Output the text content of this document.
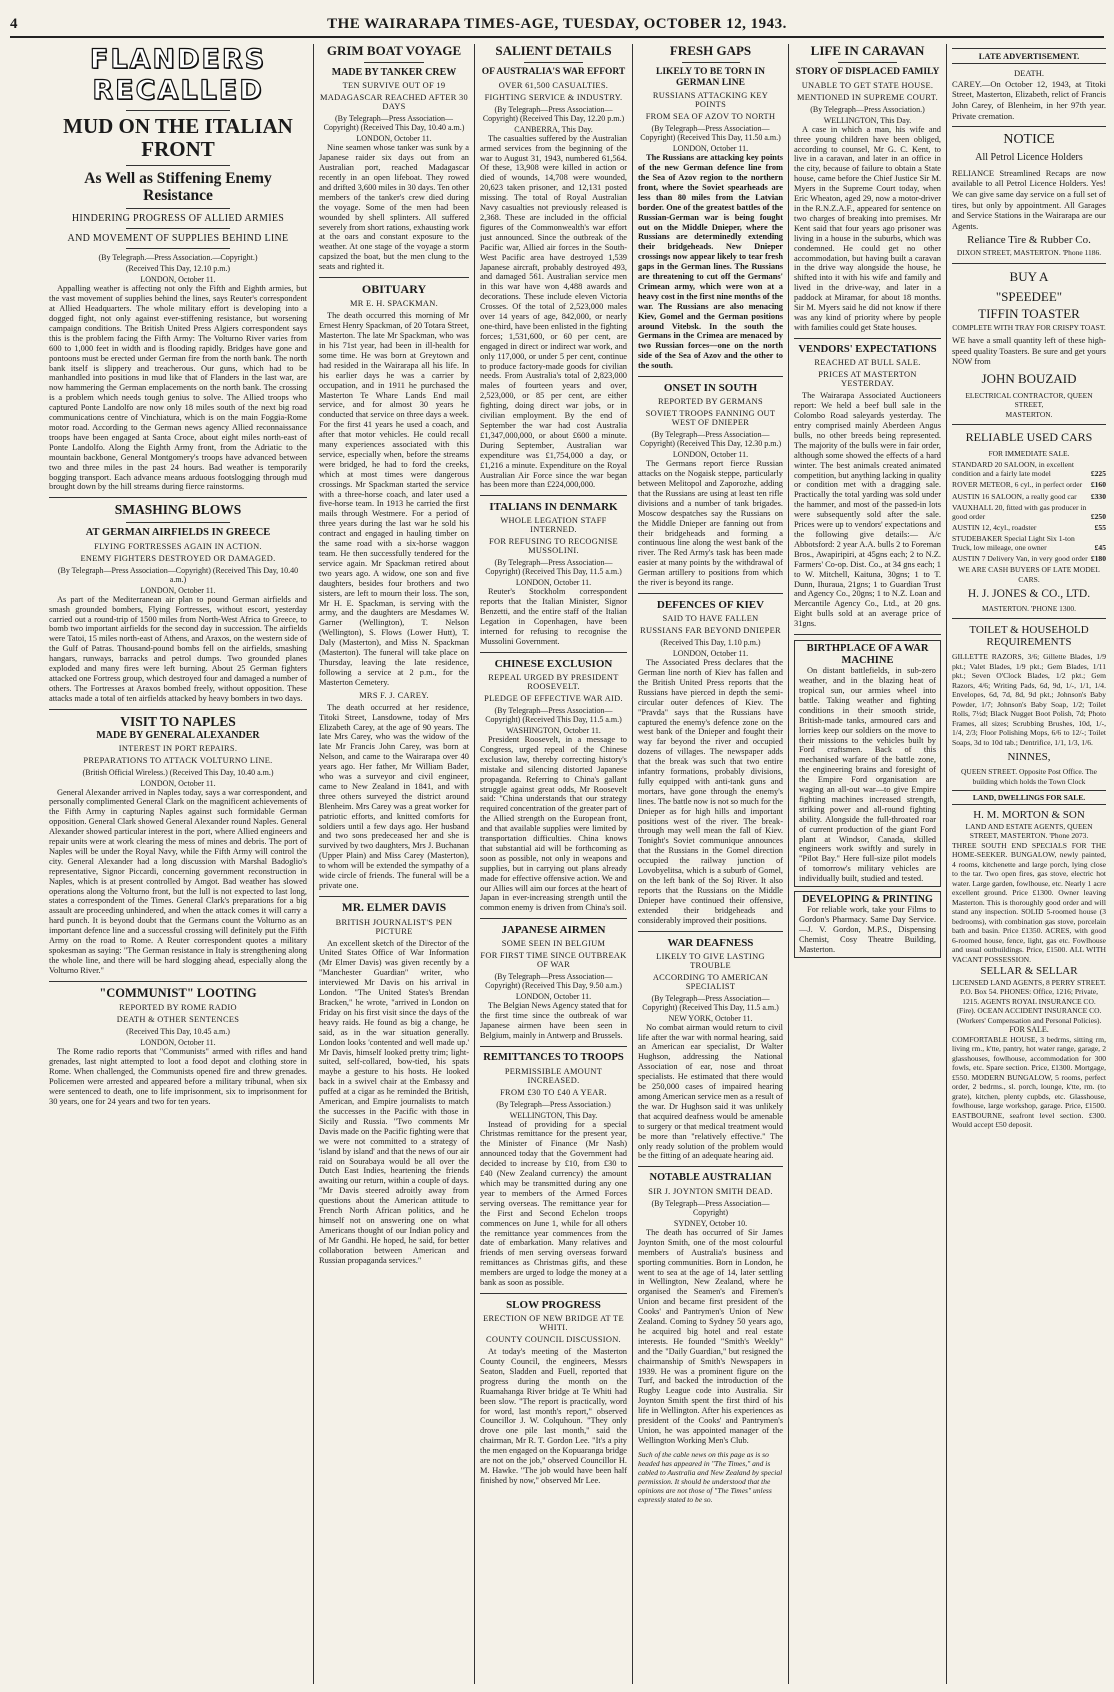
4	THE WAIRARAPA TIMES-AGE, TUESDAY, OCTOBER 12, 1943.
FLANDERS RECALLED
MUD ON THE ITALIAN FRONT
As Well as Stiffening Enemy Resistance
HINDERING PROGRESS OF ALLIED ARMIES
AND MOVEMENT OF SUPPLIES BEHIND LINE
(By Telegraph.—Press Association.—Copyright.)
(Received This Day, 12.10 p.m.)
LONDON, October 11.

Appalling weather is affecting not only the Fifth and Eighth armies, but the vast movement of supplies behind the lines, says Reuter's correspondent at Allied Headquarters. The whole military effort is developing into a dogged fight, not only against ever-stiffening resistance, but worsening campaign conditions. The British United Press Algiers correspondent says this is the problem facing the Fifth Army: The Volturno River varies from 600 to 1,000 feet in width and is flooding rapidly. Bridges have gone and pontoons must be erected under German fire from the north bank. The north bank itself is slippery and treacherous. Our guns, which had to be manhandled into positions in mud like that of Flanders in the last war, are now hammering the German emplacements on the north bank. The crossing is a problem which needs tough genius to solve. The Allied troops who captured Ponte Landolfo are now only 18 miles south of the next big road communications centre of Vinchiatura, which is on the main Foggia-Rome motor road. According to the German news agency Allied reconnaissance troops have been engaged at Santa Croce, about eight miles north-east of Ponte Landolfo. Along the Eighth Army front, from the Adriatic to the mountain backbone, General Montgomery's troops have advanced between two and three miles in the past 24 hours. Bad weather is temporarily bogging transport. Each advance means arduous footslogging through mud brought down by the hill streams during fierce rainstorms.

SMASHING BLOWS
AT GERMAN AIRFIELDS IN GREECE
FLYING FORTRESSES AGAIN IN ACTION.
ENEMY FIGHTERS DESTROYED OR DAMAGED.
(By Telegraph—Press Association—Copyright) (Received This Day, 10.40 a.m.)
LONDON, October 11.

As part of the Mediterranean air plan to pound German airfields and smash grounded bombers, Flying Fortresses, without escort, yesterday carried out a round-trip of 1500 miles from North-West Africa to Greece, to bomb two important airfields for the second day in succession. The airfields were Tatoi, 15 miles north-east of Athens, and Araxos, on the western side of the Gulf of Patras. Thousand-pound bombs fell on the airfields, smashing hangars, runways, barracks and petrol dumps. Two grounded planes exploded and many fires were left burning. About 25 German fighters attacked one Fortress group, which destroyed four and damaged a number of others. The Fortresses at Araxos bombed freely, without opposition. These attacks made a total of ten airfields attacked by heavy bombers in two days.

VISIT TO NAPLES
MADE BY GENERAL ALEXANDER
INTEREST IN PORT REPAIRS.
PREPARATIONS TO ATTACK VOLTURNO LINE.
(British Official Wireless.) (Received This Day, 10.40 a.m.)
LONDON, October 11.

General Alexander arrived in Naples today, says a war correspondent, and personally complimented General Clark on the magnificent achievements of the Fifth Army in capturing Naples against such formidable German opposition. General Clark showed General Alexander round Naples. General Alexander showed particular interest in the port, where Allied engineers and repair units were at work clearing the mess of mines and debris. The port of Naples will be under the Royal Navy, while the Fifth Army will control the city. General Alexander had a long discussion with Marshal Badoglio's representative, Signor Piccardi, concerning government reconstruction in Naples, which is at present controlled by Amgot. Bad weather has slowed operations along the Volturno front, but the lull is not expected to last long, states a correspondent of the Times. General Clark's preparations for a big assault are proceeding unhindered, and when the attack comes it will carry a hard punch. It is beyond doubt that the Germans count the Volturno as an important defence line and a successful crossing will definitely put the Fifth Army on the road to Rome. A Reuter correspondent quotes a military spokesman as saying: "The German resistance in Italy is strengthening along the whole line, and there will be hard slogging ahead, especially along the Volturno River."

"COMMUNIST" LOOTING
REPORTED BY ROME RADIO
DEATH & OTHER SENTENCES
(Received This Day, 10.45 a.m.)
LONDON, October 11.

The Rome radio reports that "Communists" armed with rifles and hand grenades, last night attempted to loot a food depot and clothing store in Rome. When challenged, the Communists opened fire and threw grenades. Policemen were arrested and appeared before a military tribunal, when six were sentenced to death, one to life imprisonment, six to imprisonment for 30 years, one for 24 years and two for ten years.

GRIM BOAT VOYAGE
MADE BY TANKER CREW
TEN SURVIVE OUT OF 19
MADAGASCAR REACHED AFTER 30 DAYS
(By Telegraph—Press Association—Copyright) (Received This Day, 10.40 a.m.)
LONDON, October 11.

Nine seamen whose tanker was sunk by a Japanese raider six days out from an Australian port, reached Madagascar recently in an open lifeboat. They rowed and drifted 3,600 miles in 30 days. Ten other members of the tanker's crew died during the voyage. Some of the men had been wounded by shell splinters. All suffered severely from short rations, exhausting work at the oars and constant exposure to the weather. At one stage of the voyage a storm capsized the boat, but the men clung to the seats and righted it.

OBITUARY
MR E. H. SPACKMAN.

The death occurred this morning of Mr Ernest Henry Spackman, of 20 Totara Street, Masterton. The late Mr Spackman, who was in his 71st year, had been in ill-health for some time. He was born at Greytown and had resided in the Wairarapa all his life. In his earlier days he was a carrier by occupation, and in 1911 he purchased the Masterton Te Whare Lands End mail service, and for almost 30 years he conducted that service on three days a week. For the first 41 years he used a coach, and after that motor vehicles. He could recall many experiences associated with this service, especially when, before the streams were bridged, he had to ford the creeks, which at most times were dangerous crossings. Mr Spackman started the service with a three-horse coach, and later used a five-horse team. In 1913 he carried the first mails through Westmere. For a period of three years during the last war he sold his contract and engaged in hauling timber on the same road with a six-horse waggon team. He then successfully tendered for the service again. Mr Spackman retired about two years ago. A widow, one son and five daughters, besides four brothers and two sisters, are left to mourn their loss. The son, Mr H. E. Spackman, is serving with the army, and the daughters are Mesdames W. Garner (Wellington), T. Nelson (Wellington), S. Flows (Lower Hutt), T. Daly (Masterton), and Miss N. Spackman (Masterton). The funeral will take place on Thursday, leaving the late residence, following a service at 2 p.m., for the Masterton Cemetery.

MRS F. J. CAREY.

The death occurred at her residence, Titoki Street, Lansdowne, today of Mrs Elizabeth Carey, at the age of 90 years. The late Mrs Carey, who was the widow of the late Mr Francis John Carey, was born at Nelson, and came to the Wairarapa over 40 years ago. Her father, Mr William Bader, who was a surveyor and civil engineer, came to New Zealand in 1841, and with three others surveyed the district around Blenheim. Mrs Carey was a great worker for patriotic efforts, and knitted comforts for soldiers until a few days ago. Her husband and two sons predeceased her and she is survived by two daughters, Mrs J. Buchanan (Upper Plain) and Miss Carey (Masterton), to whom will be extended the sympathy of a wide circle of friends. The funeral will be a private one.

MR. ELMER DAVIS
BRITISH JOURNALIST'S PEN PICTURE

An excellent sketch of the Director of the United States Office of War Information (Mr Elmer Davis) was given recently by a "Manchester Guardian" writer, who interviewed Mr Davis on his arrival in London. "The United States's Brendan Bracken," he wrote, "arrived in London on Friday on his first visit since the days of the heavy raids. He found as big a change, he said, as in the war situation generally. London looks 'contented and well made up.' Mr Davis, himself looked pretty trim; light-suited, self-collared, bow-tied, his spats maybe a gesture to his hosts. He looked back in a swivel chair at the Embassy and puffed at a cigar as he reminded the British, American, and Empire journalists to match the successes in the Pacific with those in Sicily and Russia. "Two comments Mr Davis made on the Pacific fighting were that we were not committed to a strategy of 'island by island' and that the news of our air raid on Sourabaya would be all over the Dutch East Indies, heartening the friends awaiting our return, within a couple of days. "Mr Davis steered adroitly away from questions about the American attitude to French North African politics, and he himself not on answering one on what Americans thought of our Indian policy and of Mr Gandhi. He hoped, he said, for better collaboration between American and Russian propaganda services."

SALIENT DETAILS
OF AUSTRALIA'S WAR EFFORT
OVER 61,500 CASUALTIES.
FIGHTING SERVICE & INDUSTRY.
(By Telegraph—Press Association—Copyright) (Received This Day, 12.20 p.m.)
CANBERRA, This Day.

The casualties suffered by the Australian armed services from the beginning of the war to August 31, 1943, numbered 61,564. Of these, 13,908 were killed in action or died of wounds, 14,708 were wounded, 20,623 taken prisoner, and 12,131 posted missing. The total of Royal Australian Navy casualties not previously released is 2,368. These are included in the official figures of the Commonwealth's war effort just announced. Since the outbreak of the Pacific war, Allied air forces in the South-West Pacific area have destroyed 1,539 Japanese aircraft, probably destroyed 493, and damaged 561. Australian service men in this war have won 4,488 awards and decorations. These include eleven Victoria Crosses. Of the total of 2,523,000 males over 14 years of age, 842,000, or nearly one-third, have been enlisted in the fighting forces; 1,531,600, or 60 per cent, are engaged in direct or indirect war work, and only 117,000, or under 5 per cent, continue to produce factory-made goods for civilian needs. From Australia's total of 2,823,000 males of fourteen years and over, 2,523,000, or 85 per cent, are either fighting, doing direct war jobs, or in civilian employment. By the end of September the war had cost Australia £1,347,000,000, or about £600 a minute. During September, Australian war expenditure was £1,754,000 a day, or £1,216 a minute. Expenditure on the Royal Australian Air Force since the war began has been more than £224,000,000.

ITALIANS IN DENMARK
WHOLE LEGATION STAFF INTERNED.
FOR REFUSING TO RECOGNISE MUSSOLINI.
(By Telegraph—Press Association—Copyright) (Received This Day, 11.5 a.m.)
LONDON, October 11.

Reuter's Stockholm correspondent reports that the Italian Minister, Signor Benzetti, and the entire staff of the Italian Legation in Copenhagen, have been interned for refusing to recognise the Mussolini Government.

CHINESE EXCLUSION
REPEAL URGED BY PRESIDENT ROOSEVELT.
PLEDGE OF EFFECTIVE WAR AID.
(By Telegraph—Press Association—Copyright) (Received This Day, 11.5 a.m.)
WASHINGTON, October 11.

President Roosevelt, in a message to Congress, urged repeal of the Chinese exclusion law, thereby correcting history's mistake and silencing distorted Japanese propaganda. Referring to China's gallant struggle against great odds, Mr Roosevelt said: "China understands that our strategy required concentration of the greater part of the Allied strength on the European front, and that available supplies were limited by transportation difficulties. China knows that substantial aid will be forthcoming as soon as possible, not only in weapons and supplies, but in carrying out plans already made for effective offensive action. We and our Allies will aim our forces at the heart of Japan in ever-increasing strength until the common enemy is driven from China's soil.

JAPANESE AIRMEN
SOME SEEN IN BELGIUM
FOR FIRST TIME SINCE OUTBREAK OF WAR
(By Telegraph—Press Association—Copyright) (Received This Day, 9.50 a.m.)
LONDON, October 11.

The Belgian News Agency stated that for the first time since the outbreak of war Japanese airmen have been seen in Belgium, mainly in Antwerp and Brussels.

REMITTANCES TO TROOPS
PERMISSIBLE AMOUNT INCREASED.
FROM £30 TO £40 A YEAR.
(By Telegraph—Press Association.)
WELLINGTON, This Day.

Instead of providing for a special Christmas remittance for the present year, the Minister of Finance (Mr Nash) announced today that the Government had decided to increase by £10, from £30 to £40 (New Zealand currency) the amount which may be transmitted during any one year to members of the Armed Forces serving overseas. The remittance year for the First and Second Echelon troops commences on June 1, while for all others the remittance year commences from the date of embarkation. Many relatives and friends of men serving overseas forward remittances as Christmas gifts, and these members are urged to lodge the money at a bank as soon as possible.

SLOW PROGRESS
ERECTION OF NEW BRIDGE AT TE WHITI.
COUNTY COUNCIL DISCUSSION.

At today's meeting of the Masterton County Council, the engineers, Messrs Seaton, Sladden and Fuell, reported that progress during the month on the Ruamahanga River bridge at Te Whiti had been slow. "The report is practically, word for word, last month's report," observed Councillor J. W. Colquhoun. "They only drove one pile last month," said the chairman, Mr R. T. Gordon Lee. "It's a pity the men engaged on the Kopuaranga bridge are not on the job," observed Councillor H. M. Hawke. "The job would have been half finished by now," observed Mr Lee.

FRESH GAPS
LIKELY TO BE TORN IN GERMAN LINE
RUSSIANS ATTACKING KEY POINTS
FROM SEA OF AZOV TO NORTH
(By Telegraph—Press Association—Copyright) (Received This Day, 11.50 a.m.)
LONDON, October 11.

The Russians are attacking key points of the new German defence line from the Sea of Azov region to the northern front, where the Soviet spearheads are less than 80 miles from the Latvian border. One of the greatest battles of the Russian-German war is being fought out on the Middle Dnieper, where the Russians are determinedly extending their bridgeheads. New Dnieper crossings now appear likely to tear fresh gaps in the German lines. The Russians are threatening to cut off the Germans' Crimean army, which were won at a heavy cost in the first nine months of the war. The Russians are also menacing Kiev, Gomel and the German positions around Vitebsk. In the south the Germans in the Crimea are menaced by two Russian forces—one on the north side of the Sea of Azov and the other to the south.

ONSET IN SOUTH
REPORTED BY GERMANS
SOVIET TROOPS FANNING OUT WEST OF DNIEPER
(By Telegraph—Press Association—Copyright) (Received This Day, 12.30 p.m.)
LONDON, October 11.

The Germans report fierce Russian attacks on the Nogaisk steppe, particularly between Melitopol and Zaporozhe, adding that the Russians are using at least ten rifle divisions and a number of tank brigades. Moscow despatches say the Russians on the Middle Dnieper are fanning out from their bridgeheads and forming a continuous line along the west bank of the river. The Red Army's task has been made easier at many points by the withdrawal of German artillery to positions from which the river is beyond its range.

DEFENCES OF KIEV
SAID TO HAVE FALLEN
RUSSIANS FAR BEYOND DNIEPER
(Received This Day, 1.10 p.m.)
LONDON, October 11.

The Associated Press declares that the German line north of Kiev has fallen and the British United Press reports that the Russians have pierced in depth the semi-circular outer defences of Kiev. The "Pravda" says that the Russians have captured the enemy's defence zone on the west bank of the Dnieper and fought their way far beyond the river and occupied dozens of villages. The newspaper adds that the break was such that two entire infantry formations, probably divisions, fully equipped with anti-tank guns and mortars, have gone through the enemy's lines. The battle now is not so much for the Dnieper as for high hills and important positions west of the river. The break-through may well mean the fall of Kiev. Tonight's Soviet communique announces that the Russians in the Gomel direction occupied the railway junction of Lovobyelitsa, which is a suburb of Gomel, on the left bank of the Soj River. It also reports that the Russians on the Middle Dnieper have continued their offensive, extended their bridgeheads and considerably improved their positions.

WAR DEAFNESS
LIKELY TO GIVE LASTING TROUBLE
ACCORDING TO AMERICAN SPECIALIST
(By Telegraph—Press Association—Copyright) (Received This Day, 11.5 a.m.)
NEW YORK, October 11.

No combat airman would return to civil life after the war with normal hearing, said an American ear specialist, Dr Walter Hughson, addressing the National Association of ear, nose and throat specialists. He estimated that there would be 250,000 cases of impaired hearing among American service men as a result of the war. Dr Hughson said it was unlikely that acquired deafness would be amenable to surgery or that medical treatment would be more than "relatively effective." The only ready solution of the problem would be the fitting of an adequate hearing aid.

NOTABLE AUSTRALIAN
SIR J. JOYNTON SMITH DEAD.
(By Telegraph—Press Association—Copyright)
SYDNEY, October 10.

The death has occurred of Sir James Joynton Smith, one of the most colourful members of Australia's business and sporting communities. Born in London, he went to sea at the age of 14, later settling in Wellington, New Zealand, where he organised the Seamen's and Firemen's Union and became first president of the Cooks' and Pantrymen's Union of New Zealand. Coming to Sydney 50 years ago, he acquired big hotel and real estate interests. He founded "Smith's Weekly" and the "Daily Guardian," but resigned the chairmanship of Smith's Newspapers in 1939. He was a prominent figure on the Turf, and backed the introduction of the Rugby League code into Australia. Sir Joynton Smith spent the first third of his life in Wellington. After his experiences as president of the Cooks' and Pantrymen's Union, he was appointed manager of the Wellington Working Men's Club.

Such of the cable news on this page as is so headed has appeared in "The Times," and is cabled to Australia and New Zealand by special permission. It should be understood that the opinions are not those of "The Times" unless expressly stated to be so.
LIFE IN CARAVAN
STORY OF DISPLACED FAMILY
UNABLE TO GET STATE HOUSE.
MENTIONED IN SUPREME COURT.
(By Telegraph—Press Association.)
WELLINGTON, This Day.

A case in which a man, his wife and three young children have been obliged, according to counsel, Mr G. C. Kent, to live in a caravan, and later in an office in the city, because of failure to obtain a State house, came before the Chief Justice Sir M. Myers in the Supreme Court today, when Eric Wheaton, aged 29, now a motor-driver in the R.N.Z.A.F., appeared for sentence on two charges of breaking into premises. Mr Kent said that four years ago prisoner was living in a house in the suburbs, which was condemned. He could get no other accommodation, but having built a caravan in the drive way alongside the house, he shifted into it with his wife and family and lived in the drive-way, and later in a paddock at Miramar, for about 18 months. Sir M. Myers said he did not know if there was any kind of priority where by people with families could get State houses.

VENDORS' EXPECTATIONS
REACHED AT BULL SALE.
PRICES AT MASTERTON YESTERDAY.

The Wairarapa Associated Auctioneers report: We held a beef bull sale in the Colombo Road saleyards yesterday. The entry comprised mainly Aberdeen Angus bulls, no other breeds being represented. The majority of the bulls were in fair order, although some showed the effects of a hard winter. The best animals created animated competition, but anything lacking in quality or condition met with a dragging sale. Practically the total yarding was sold under the hammer, and most of the passed-in lots were subsequently sold after the sale. Prices were up to vendors' expectations and the following give details:— A/c Abbotsford: 2 year A.A. bulls 2 to Foreman Bros., Awapiripiri, at 45gns each; 2 to N.Z. Farmers' Co-op. Dist. Co., at 34 gns each; 1 to W. Mitchell, Kaituna, 30gns; 1 to T. Dunn, Ihuraua, 21gns; 1 to Guardian Trust and Agency Co., 20gns; 1 to N.Z. Loan and Mercantile Agency Co., Ltd., at 20 gns. Eight bulls sold at an average price of 31gns.

BIRTHPLACE OF A WAR MACHINE

On distant battlefields, in sub-zero weather, and in the blazing heat of tropical sun, our armies wheel into battle. Taking weather and fighting conditions in their smooth stride, British-made tanks, armoured cars and lorries keep our soldiers on the move to their missions to the vehicles built by Ford craftsmen. Back of this mechanised warfare of the battle zone, the engineering brains and foresight of the Empire Ford organisation are waging an all-out war—to give Empire fighting machines increased strength, striking power and all-round fighting ability. Alongside the full-throated roar of current production of the giant Ford plant at Windsor, Canada, skilled engineers work swiftly and surely in "Pilot Bay." Here full-size pilot models of tomorrow's military vehicles are individually built, studied and tested.

DEVELOPING & PRINTING

For reliable work, take your Films to Gordon's Pharmacy. Same Day Service.—J. V. Gordon, M.P.S., Dispensing Chemist, Cosy Theatre Building, Masterton.

LATE ADVERTISEMENT.
DEATH.

CAREY.—On October 12, 1943, at Titoki Street, Masterton, Elizabeth, relict of Francis John Carey, of Blenheim, in her 97th year. Private cremation.

NOTICE
All Petrol Licence Holders

RELIANCE Streamlined Recaps are now available to all Petrol Licence Holders. Yes! We can give same day service on a full set of tires, but only by appointment. All Garages and Service Stations in the Wairarapa are our Agents.

Reliance Tire & Rubber Co.
DIXON STREET, MASTERTON. 'Phone 1186.
BUY A
"SPEEDEE"
TIFFIN TOASTER
COMPLETE WITH TRAY FOR CRISPY TOAST.

WE have a small quantity left of these high-speed quality Toasters. Be sure and get yours NOW from

JOHN BOUZAID
ELECTRICAL CONTRACTOR, QUEEN STREET,
MASTERTON.
RELIABLE USED CARS
FOR IMMEDIATE SALE.
STANDARD 20 SALOON, in excellent condition and a fairly late model	£225
ROVER METEOR, 6 cyl., in perfect order £160
AUSTIN 16 SALOON, a really good car £330
VAUXHALL 20, fitted with gas producer in good order	£250
AUSTIN 12, 4cyl., roadster	£55
STUDEBAKER Special Light Six 1-ton Truck, low mileage, one owner	£45
AUSTIN 7 Delivery Van, in very good order £180
WE ARE CASH BUYERS OF LATE MODEL CARS.
H. J. JONES & CO., LTD.
MASTERTON. 'PHONE 1300.
TOILET & HOUSEHOLD REQUIREMENTS

GILLETTE RAZORS, 3/6; Gillette Blades, 1/9 pkt.; Valet Blades, 1/9 pkt.; Gem Blades, 1/11 pkt.; Seven O'Clock Blades, 1/2 pkt.; Gem Razors, 4/6; Writing Pads, 6d, 9d, 1/-, 1/1, 1/4. Envelopes, 6d, 7d, 8d, 9d pkt.; Johnson's Baby Powder, 1/7; Johnson's Baby Soap, 1/2; Toilet Rolls, 7½d; Black Nugget Boot Polish, 7d; Photo Frames, all sizes; Scrubbing Brushes, 10d, 1/-, 1/4, 2/3; Floor Polishing Mops, 6/6 to 12/-; Toilet Soaps, 3d to 10d tab.; Dentrifice, 1/1, 1/3, 1/6.

NINNES,
QUEEN STREET. Opposite Post Office. The building which holds the Town Clock
LAND, DWELLINGS FOR SALE.
H. M. MORTON & SON
LAND AND ESTATE AGENTS, QUEEN STREET, MASTERTON. 'Phone 2073.

THREE SOUTH END SPECIALS FOR THE HOME-SEEKER. BUNGALOW, newly painted, 4 rooms, kitchenette and large porch, lying close to the tar. Two open fires, gas stove, electric hot water. Large garden, fowlhouse, etc. Nearly 1 acre excellent ground. Price £1300. Owner leaving Masterton. This is thoroughly good order and will stand any inspection. SOLID 5-roomed house (3 bedrooms), with combination gas stove, porcelain bath and basin. Price £1350. ACRES, with good 6-roomed house, fence, light, gas etc. Fowlhouse and usual outbuildings. Price, £1500. ALL WITH VACANT POSSESSION.

SELLAR & SELLAR
LICENSED LAND AGENTS, 8 PERRY STREET. P.O. Box 54. PHONES: Office, 1216; Private, 1215. AGENTS ROYAL INSURANCE CO. (Fire). OCEAN ACCIDENT INSURANCE CO. (Workers' Compensation and Personal Policies).
FOR SALE.

COMFORTABLE HOUSE, 3 bedrms, sitting rm, living rm., k'tte, pantry, hot water range, garage, 2 glasshouses, fowlhouse, accommodation for 300 fowls, etc. Spare section. Price, £1300. Mortgage, £550. MODERN BUNGALOW, 5 rooms, perfect order, 2 bedrms., sl. porch, lounge, k'tte, rm. (to grate), kitchen, plenty cupbds, etc. Glasshouse, fowlhouse, large workshop, garage. Price, £1500. EASTBOURNE, seafront level section. £300. Would accept £50 deposit.
